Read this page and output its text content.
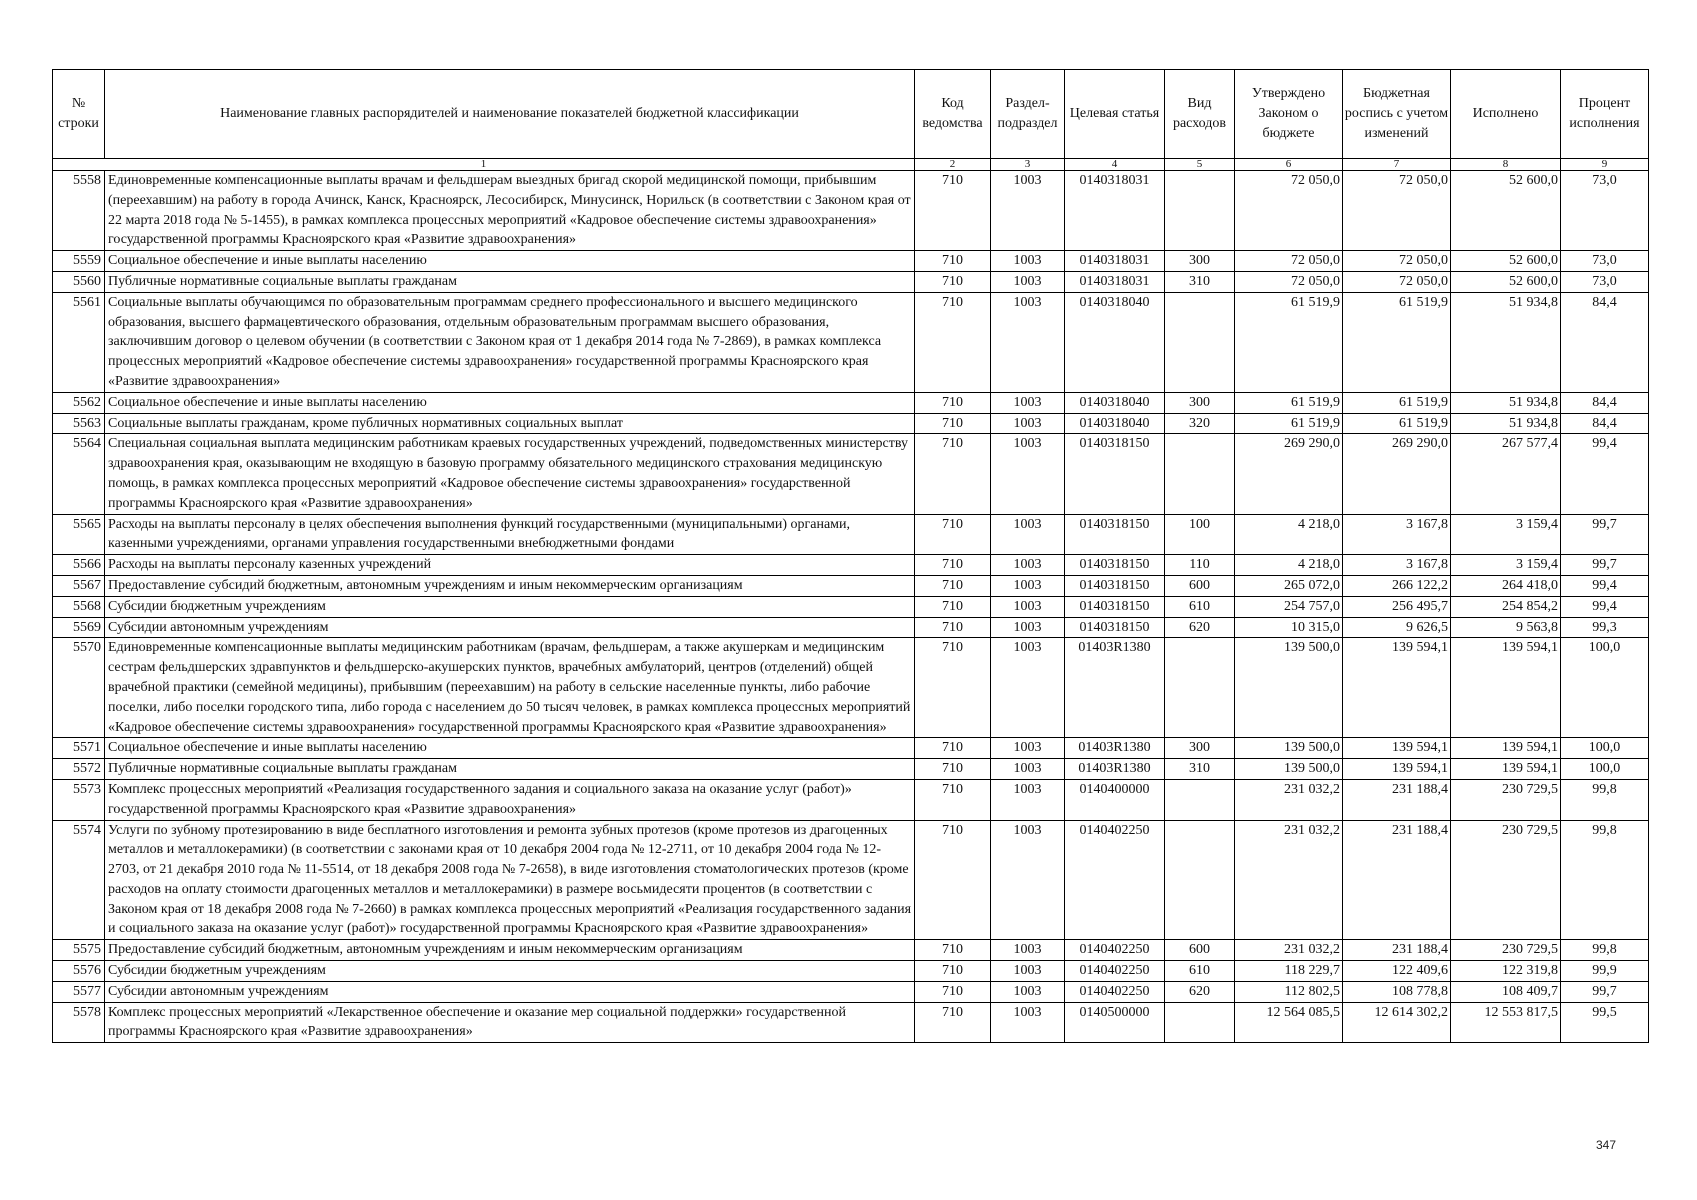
№ строки	Наименование главных распорядителей и наименование показателей бюджетной классификации	Код ведомства	Раздел-подраздел	Целевая статья	Вид расходов	Утверждено Законом о бюджете	Бюджетная роспись с учетом изменений	Исполнено	Процент исполнения
1		2	3	4	5	6	7	8	9
5558	Единовременные компенсационные выплаты врачам и фельдшерам выездных бригад скорой медицинской помощи, прибывшим (переехавшим) на работу в города Ачинск, Канск, Красноярск, Лесосибирск, Минусинск, Норильск (в соответствии с Законом края от 22 марта 2018 года № 5-1455), в рамках комплекса процессных мероприятий «Кадровое обеспечение системы здравоохранения» государственной программы Красноярского края «Развитие здравоохранения»	710	1003	0140318031		72 050,0	72 050,0	52 600,0	73,0
5559	Социальное обеспечение и иные выплаты населению	710	1003	0140318031	300	72 050,0	72 050,0	52 600,0	73,0
5560	Публичные нормативные социальные выплаты гражданам	710	1003	0140318031	310	72 050,0	72 050,0	52 600,0	73,0
5561	Социальные выплаты обучающимся по образовательным программам среднего профессионального и высшего медицинского образования, высшего фармацевтического образования, отдельным образовательным программам высшего образования, заключившим договор о целевом обучении (в соответствии с Законом края от 1 декабря 2014 года № 7-2869), в рамках комплекса процессных мероприятий «Кадровое обеспечение системы здравоохранения» государственной программы Красноярского края «Развитие здравоохранения»	710	1003	0140318040		61 519,9	61 519,9	51 934,8	84,4
5562	Социальное обеспечение и иные выплаты населению	710	1003	0140318040	300	61 519,9	61 519,9	51 934,8	84,4
5563	Социальные выплаты гражданам, кроме публичных нормативных социальных выплат	710	1003	0140318040	320	61 519,9	61 519,9	51 934,8	84,4
5564	Специальная социальная выплата медицинским работникам краевых государственных учреждений, подведомственных министерству здравоохранения края, оказывающим не входящую в базовую программу обязательного медицинского страхования медицинскую помощь, в рамках комплекса процессных мероприятий «Кадровое обеспечение системы здравоохранения» государственной программы Красноярского края «Развитие здравоохранения»	710	1003	0140318150		269 290,0	269 290,0	267 577,4	99,4
5565	Расходы на выплаты персоналу в целях обеспечения выполнения функций государственными (муниципальными) органами, казенными учреждениями, органами управления государственными внебюджетными фондами	710	1003	0140318150	100	4 218,0	3 167,8	3 159,4	99,7
5566	Расходы на выплаты персоналу казенных учреждений	710	1003	0140318150	110	4 218,0	3 167,8	3 159,4	99,7
5567	Предоставление субсидий бюджетным, автономным учреждениям и иным некоммерческим организациям	710	1003	0140318150	600	265 072,0	266 122,2	264 418,0	99,4
5568	Субсидии бюджетным учреждениям	710	1003	0140318150	610	254 757,0	256 495,7	254 854,2	99,4
5569	Субсидии автономным учреждениям	710	1003	0140318150	620	10 315,0	9 626,5	9 563,8	99,3
5570	Единовременные компенсационные выплаты медицинским работникам (врачам, фельдшерам, а также акушеркам и медицинским сестрам фельдшерских здравпунктов и фельдшерско-акушерских пунктов, врачебных амбулаторий, центров (отделений) общей врачебной практики (семейной медицины), прибывшим (переехавшим) на работу в сельские населенные пункты, либо рабочие поселки, либо поселки городского типа, либо города с населением до 50 тысяч человек, в рамках комплекса процессных мероприятий «Кадровое обеспечение системы здравоохранения» государственной программы Красноярского края «Развитие здравоохранения»	710	1003	01403R1380		139 500,0	139 594,1	139 594,1	100,0
5571	Социальное обеспечение и иные выплаты населению	710	1003	01403R1380	300	139 500,0	139 594,1	139 594,1	100,0
5572	Публичные нормативные социальные выплаты гражданам	710	1003	01403R1380	310	139 500,0	139 594,1	139 594,1	100,0
5573	Комплекс процессных мероприятий «Реализация государственного задания и социального заказа на оказание услуг (работ)» государственной программы Красноярского края «Развитие здравоохранения»	710	1003	0140400000		231 032,2	231 188,4	230 729,5	99,8
5574	Услуги по зубному протезированию в виде бесплатного изготовления и ремонта зубных протезов (кроме протезов из драгоценных металлов и металлокерамики) (в соответствии с законами края от 10 декабря 2004 года № 12-2711, от 10 декабря 2004 года № 12-2703, от 21 декабря 2010 года № 11-5514, от 18 декабря 2008 года № 7-2658), в виде изготовления стоматологических протезов (кроме расходов на оплату стоимости драгоценных металлов и металлокерамики) в размере восьмидесяти процентов (в соответствии с Законом края от 18 декабря 2008 года № 7-2660) в рамках комплекса процессных мероприятий «Реализация государственного задания и социального заказа на оказание услуг (работ)» государственной программы Красноярского края «Развитие здравоохранения»	710	1003	0140402250		231 032,2	231 188,4	230 729,5	99,8
5575	Предоставление субсидий бюджетным, автономным учреждениям и иным некоммерческим организациям	710	1003	0140402250	600	231 032,2	231 188,4	230 729,5	99,8
5576	Субсидии бюджетным учреждениям	710	1003	0140402250	610	118 229,7	122 409,6	122 319,8	99,9
5577	Субсидии автономным учреждениям	710	1003	0140402250	620	112 802,5	108 778,8	108 409,7	99,7
5578	Комплекс процессных мероприятий «Лекарственное обеспечение и оказание мер социальной поддержки» государственной программы Красноярского края «Развитие здравоохранения»	710	1003	0140500000		12 564 085,5	12 614 302,2	12 553 817,5	99,5
347
